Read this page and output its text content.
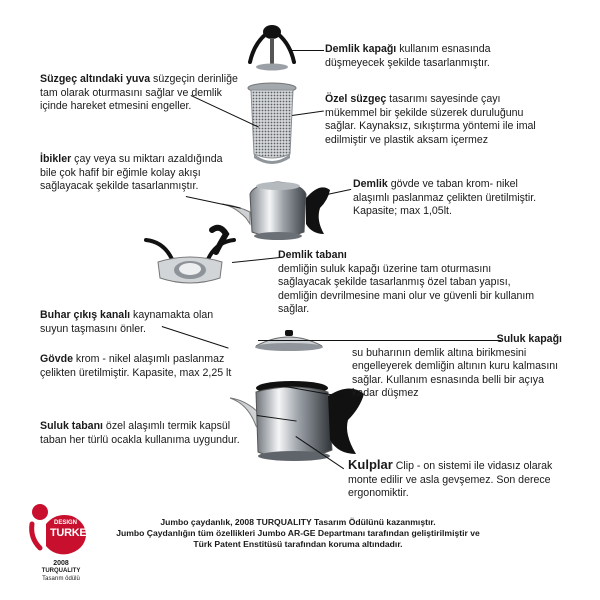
Demlik kapağı kullanım esnasında düşmeyecek şekilde tasarlanmıştır.
Süzgeç altındaki yuva süzgeçin derinliğe tam olarak oturmasını sağlar ve demlik içinde hareket etmesini engeller.
Özel süzgeç tasarımı sayesinde çayı mükemmel bir şekilde süzerek duruluğunu sağlar. Kaynaksız, sıkıştırma yöntemi ile imal edilmiştir ve plastik aksam içermez
İbikler çay veya su miktarı azaldığında bile çok hafif bir eğimle kolay akışı sağlayacak şekilde tasarlanmıştır.	Demlik gövde ve taban krom- nikel alaşımlı paslanmaz çelikten üretilmiştir. Kapasite; max 1,05lt.
Demlik tabanı
demliğin suluk kapağı üzerine tam oturmasını sağlayacak şekilde tasarlanmış özel taban yapısı, demliğin devrilmesine mani olur ve güvenli bir kullanım sağlar.
Buhar çıkış kanalı kaynamakta olan suyun taşmasını önler.
Suluk kapağı
su buharının demlik altına birikmesini engelleyerek demliğin altının kuru kalmasını sağlar. Kullanım esnasında belli bir açıya kadar düşmez
Gövde krom - nikel alaşımlı paslanmaz çelikten üretilmiştir. Kapasite, max 2,25 lt
Suluk tabanı özel alaşımlı termik kapsül taban her türlü ocakla kullanıma uygundur.
Kulplar Clip - on sistemi ile vidasız olarak monte edilir ve asla gevşemez. Son derece ergonomiktir.
DESIGN
TURKEY
2008
TURQUALITY
Tasarım ödülü
Jumbo çaydanlık, 2008 TURQUALITY Tasarım Ödülünü kazanmıştır.
Jumbo Çaydanlığın tüm özellikleri Jumbo AR-GE Departmanı tarafından geliştirilmiştir ve
Türk Patent Enstitüsü tarafından koruma altındadır.
